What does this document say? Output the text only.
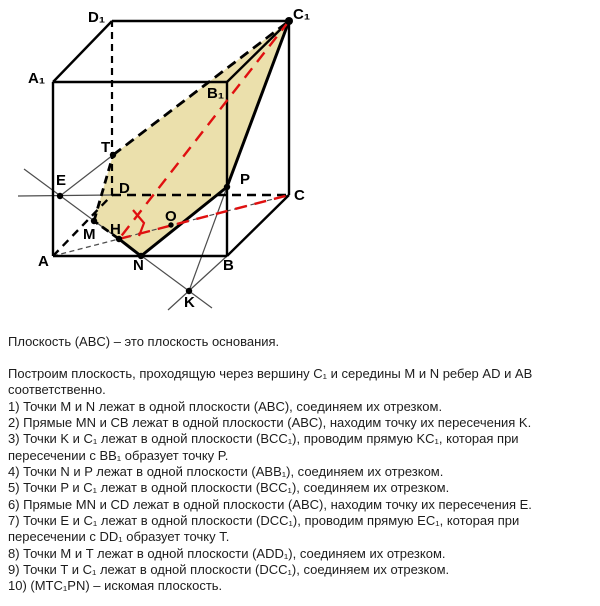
D₁	C₁
A₁
B₁
T
E	D
P
C
O
M H
A	N	B
K
Плоскость (ABC) – это плоскость основания.
Построим плоскость, проходящую через вершину C₁ и середины M и N ребер AD и AB
соответственно.
1) Точки M и N лежат в одной плоскости (ABC), соединяем их отрезком.
2) Прямые MN и CB лежат в одной плоскости (ABC), находим точку их пересечения K.
3) Точки K и C₁ лежат в одной плоскости (BCC₁), проводим прямую KC₁, которая при
пересечении с BB₁ образует точку P.
4) Точки N и P лежат в одной плоскости (ABB₁), соединяем их отрезком.
5) Точки P и C₁ лежат в одной плоскости (BCC₁), соединяем их отрезком.
6) Прямые MN и CD лежат в одной плоскости (ABC), находим точку их пересечения E.
7) Точки E и C₁ лежат в одной плоскости (DCC₁), проводим прямую EC₁, которая при
пересечении с DD₁ образует точку T.
8) Точки M и T лежат в одной плоскости (ADD₁), соединяем их отрезком.
9) Точки T и C₁ лежат в одной плоскости (DCC₁), соединяем их отрезком.
10) (MTC₁PN) – искомая плоскость.
